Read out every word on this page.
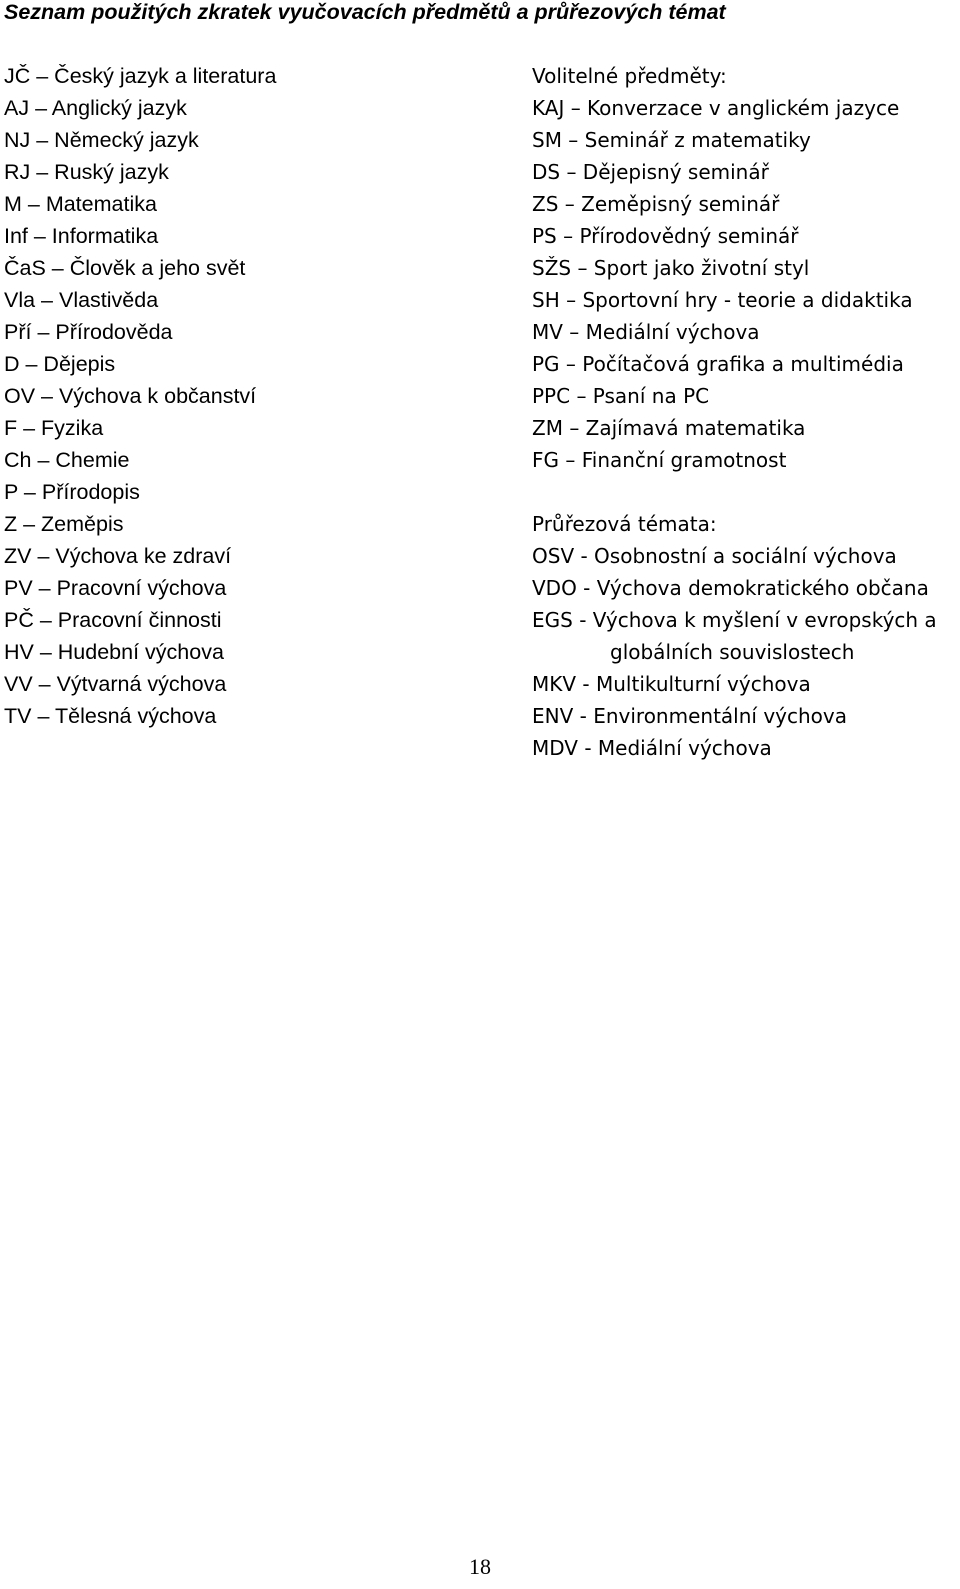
Seznam použitých zkratek vyučovacích předmětů a průřezových témat
JČ – Český jazyk a literatura
AJ – Anglický jazyk
NJ – Německý jazyk
RJ – Ruský jazyk
M – Matematika
Inf – Informatika
ČaS – Člověk a jeho svět
Vla – Vlastivěda
Pří – Přírodověda
D – Dějepis
OV – Výchova k občanství
F – Fyzika
Ch – Chemie
P – Přírodopis
Z – Zeměpis
ZV – Výchova ke zdraví
PV – Pracovní výchova
PČ – Pracovní činnosti
HV – Hudební výchova
VV – Výtvarná výchova
TV – Tělesná výchova
Volitelné předměty:
KAJ – Konverzace v anglickém jazyce
SM – Seminář z matematiky
DS – Dějepisný seminář
ZS – Zeměpisný seminář
PS – Přírodovědný seminář
SŽS – Sport jako životní styl
SH – Sportovní hry - teorie a didaktika
MV – Mediální výchova
PG – Počítačová grafika a multimédia
PPC – Psaní na PC
ZM – Zajímavá matematika
FG – Finanční gramotnost
Průřezová témata:
OSV - Osobnostní a sociální výchova
VDO - Výchova demokratického občana
EGS - Výchova k myšlení v evropských a
globálních souvislostech
MKV - Multikulturní výchova
ENV - Environmentální výchova
MDV - Mediální výchova
18
